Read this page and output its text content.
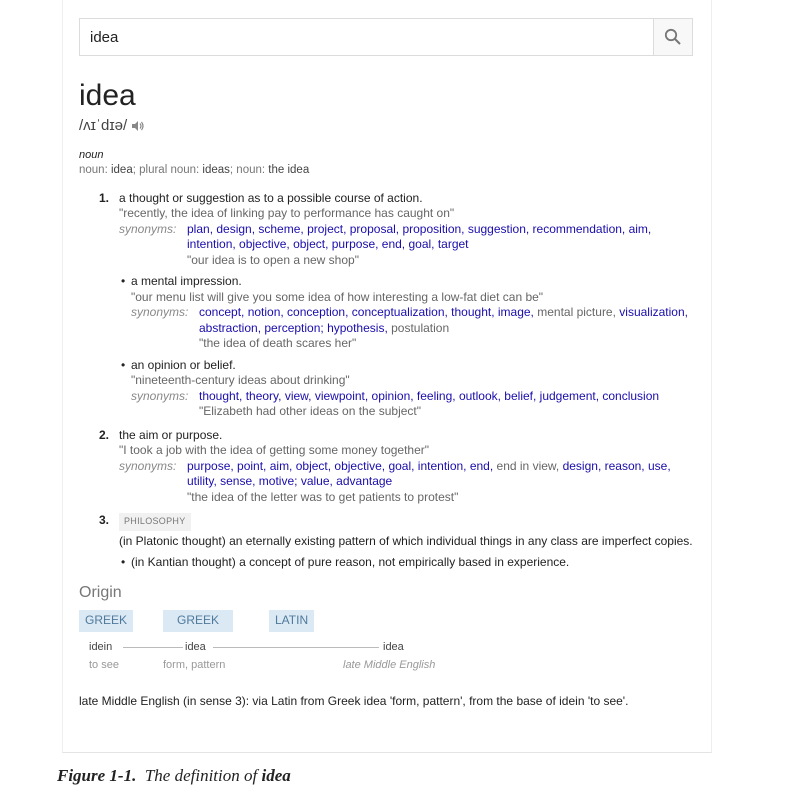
idea
idea
/ʌɪˈdɪə/
noun
noun: idea; plural noun: ideas; noun: the idea
1. a thought or suggestion as to a possible course of action.
"recently, the idea of linking pay to performance has caught on"
synonyms: plan, design, scheme, project, proposal, proposition, suggestion, recommendation, aim, intention, objective, object, purpose, end, goal, target
"our idea is to open a new shop"
• a mental impression.
"our menu list will give you some idea of how interesting a low-fat diet can be"
synonyms: concept, notion, conception, conceptualization, thought, image, mental picture, visualization, abstraction, perception; hypothesis, postulation
"the idea of death scares her"
• an opinion or belief.
"nineteenth-century ideas about drinking"
synonyms: thought, theory, view, viewpoint, opinion, feeling, outlook, belief, judgement, conclusion
"Elizabeth had other ideas on the subject"
2. the aim or purpose.
"I took a job with the idea of getting some money together"
synonyms: purpose, point, aim, object, objective, goal, intention, end, end in view, design, reason, use, utility, sense, motive; value, advantage
"the idea of the letter was to get patients to protest"
3.	PHILOSOPHY
(in Platonic thought) an eternally existing pattern of which individual things in any class are imperfect copies.
• (in Kantian thought) a concept of pure reason, not empirically based in experience.
Origin
GREEK	GREEK	LATIN
idein	idea	idea
to see	form, pattern	late Middle English
late Middle English (in sense 3): via Latin from Greek idea 'form, pattern', from the base of idein 'to see'.
Figure 1-1. The definition of idea
